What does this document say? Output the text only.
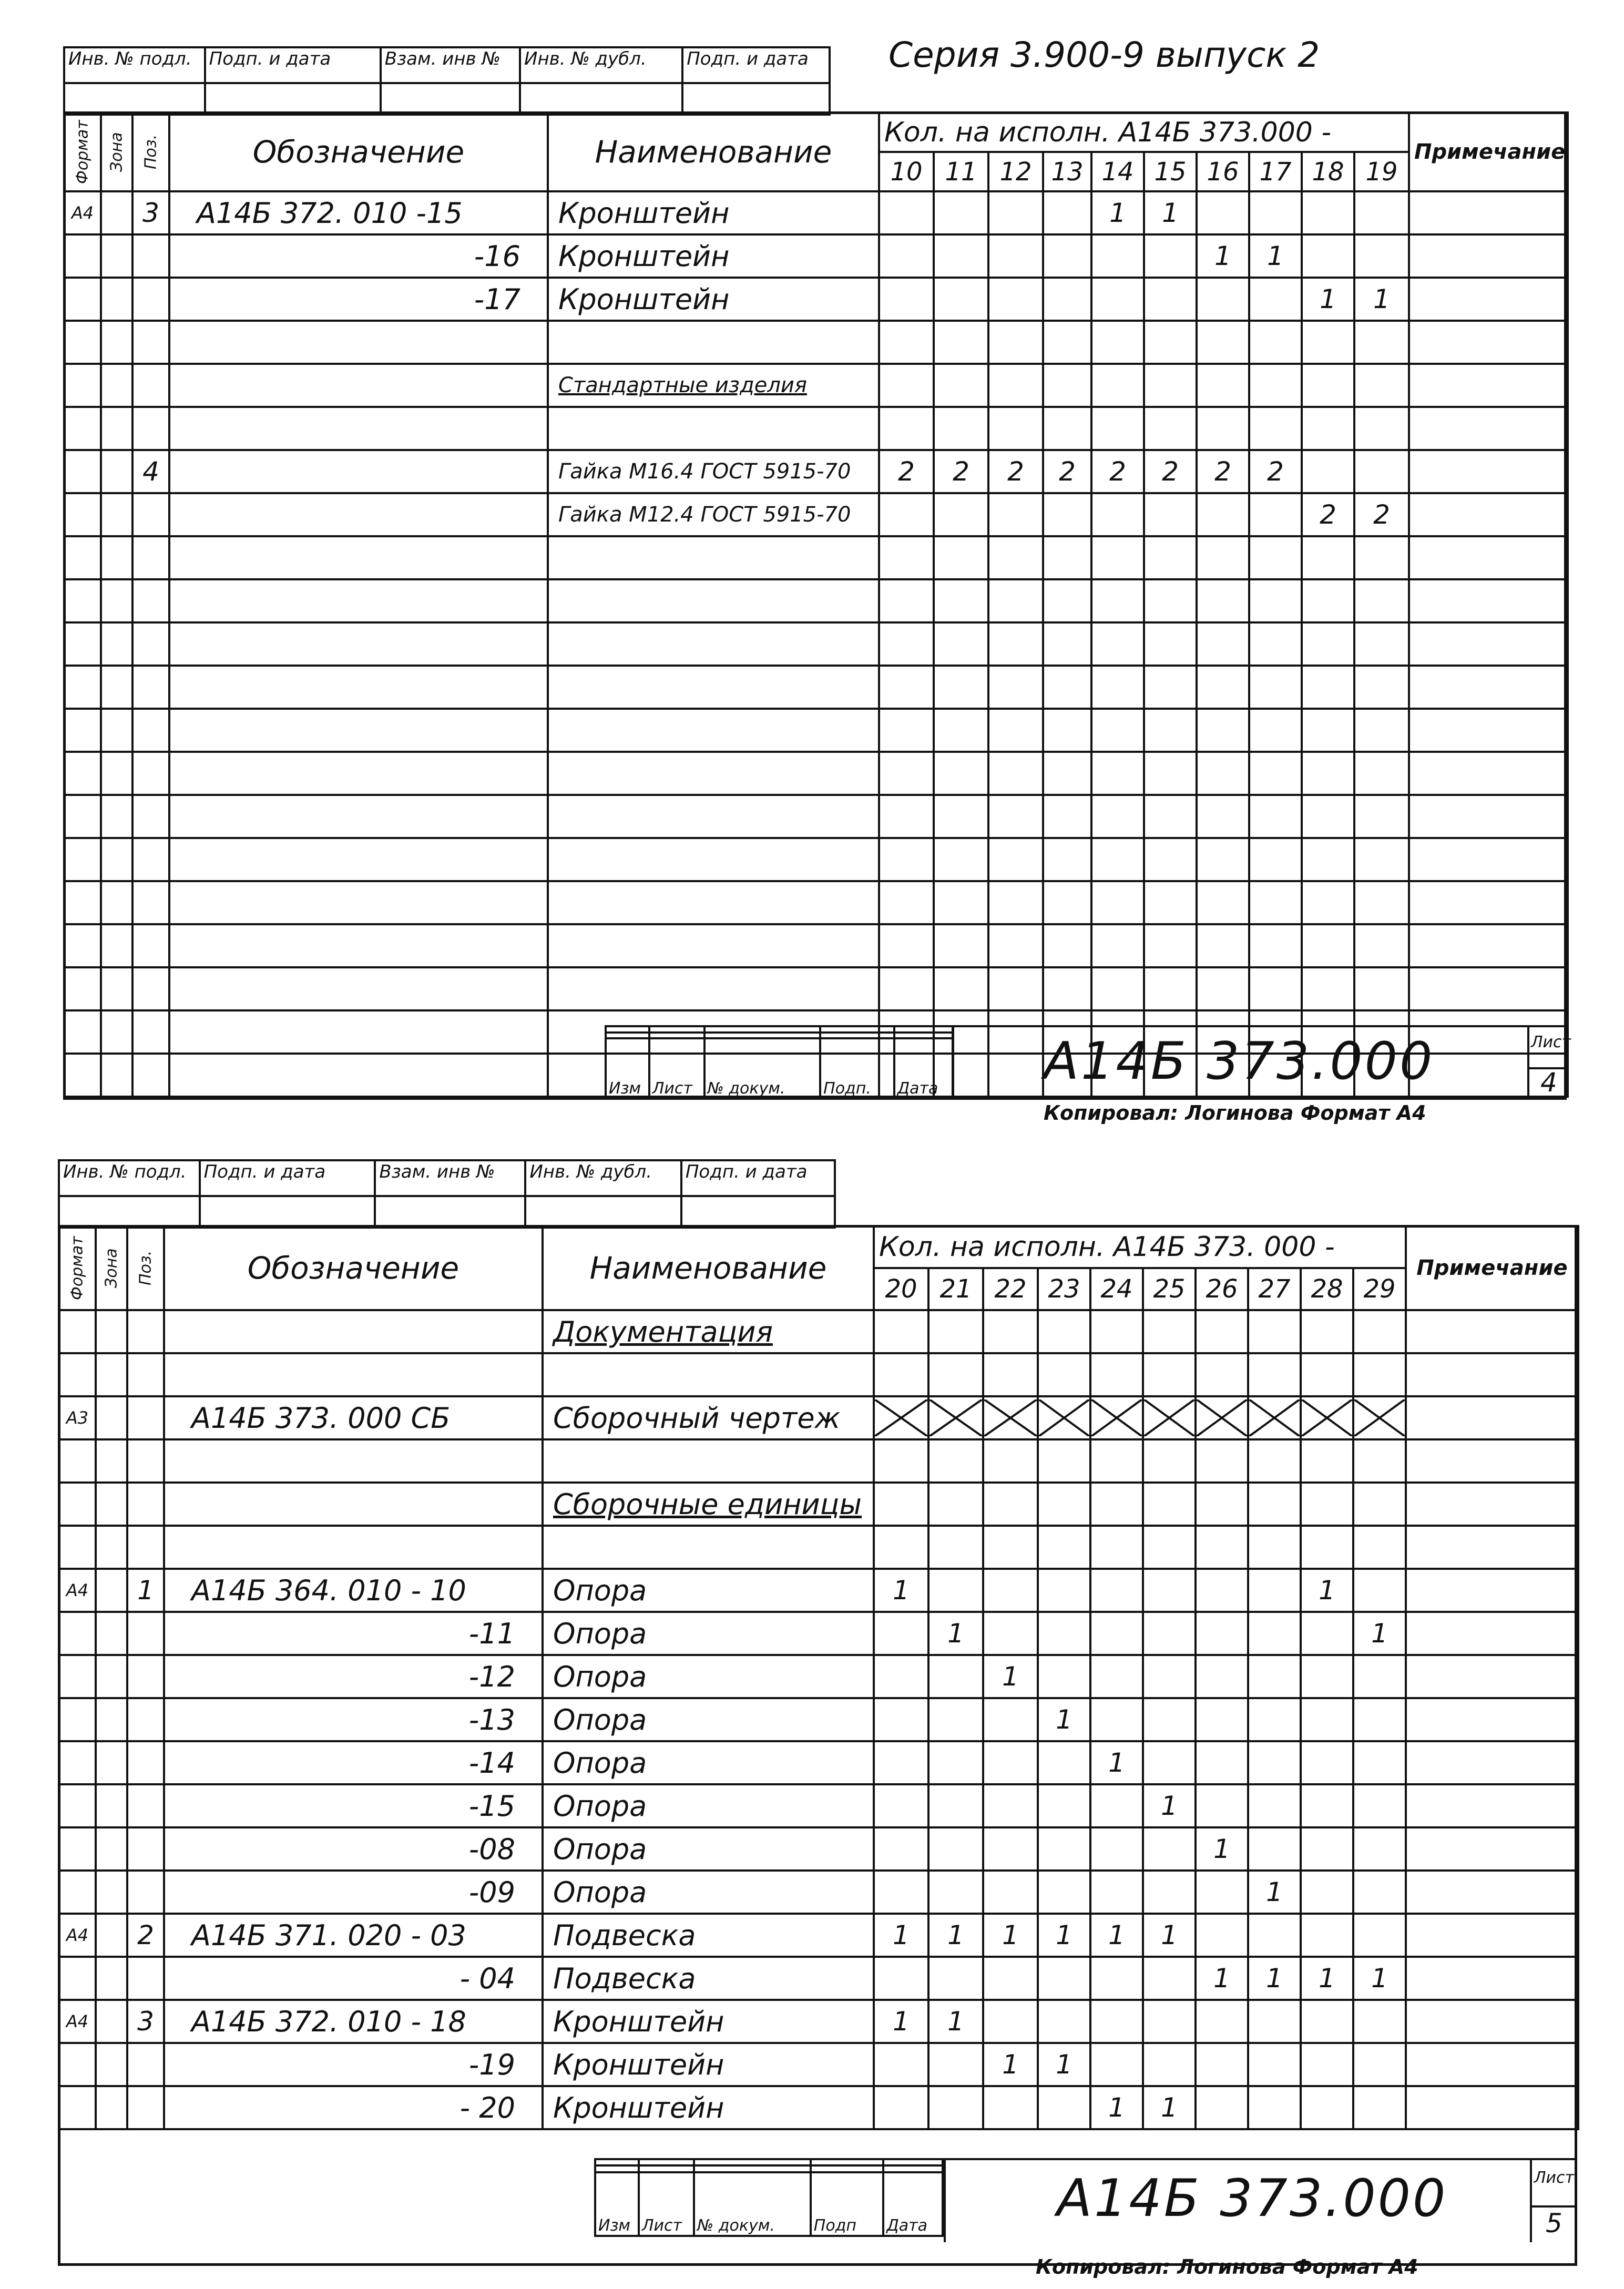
Инв. № подл.	Подп. и дата	Взам. инв №	Инв. № дубл.	Подп. и дата
				Серия 3.900-9 выпуск 2
Формат	Зона	Поз.	Обозначение	Наименование	Кол. на исполн. А14Б 373.000 -										Примечание
					10	11	12	13	14	15	16	17	18	19	
А4		3	А14Б 372. 010 -15	Кронштейн					1	1					
			-16	Кронштейн							1	1			
			-17	Кронштейн									1	1	

				Стандартные изделия											

		4		Гайка М16.4 ГОСТ 5915-70	2	2	2	2	2	2	2	2			
				Гайка М12.4 ГОСТ 5915-70									2	2	

Изм	Лист	№ докум.	Подп.	Дата А14Б 373.000	Лист
4
Копировал: Логинова Формат А4
Инв. № подл.	Подп. и дата	Взам. инв №	Инв. № дубл.	Подп. и дата

Формат	Зона	Поз.	Обозначение	Наименование	Кол. на исполн. А14Б 373. 000 -										Примечание
					20	21	22	23	24	25	26	27	28	29	
				Документация											

А3			А14Б 373. 000 СБ	Сборочный чертеж	

				Сборочные единицы											

А4		1	А14Б 364. 010 - 10	Опора	1								1		
			-11	Опора		1								1	
			-12	Опора			1								
			-13	Опора				1							
			-14	Опора					1						
			-15	Опора						1					
			-08	Опора							1				
			-09	Опора								1			
А4		2	А14Б 371. 020 - 03	Подвеска	1	1	1	1	1	1					
			- 04	Подвеска							1	1	1	1	
А4		3	А14Б 372. 010 - 18	Кронштейн	1	1									
			-19	Кронштейн			1	1							
			- 20	Кронштейн					1	1					

Изм	Лист	№ докум.	Подп	Дата	А14Б 373.000	Лист
5
Копировал: Логинова Формат А4
